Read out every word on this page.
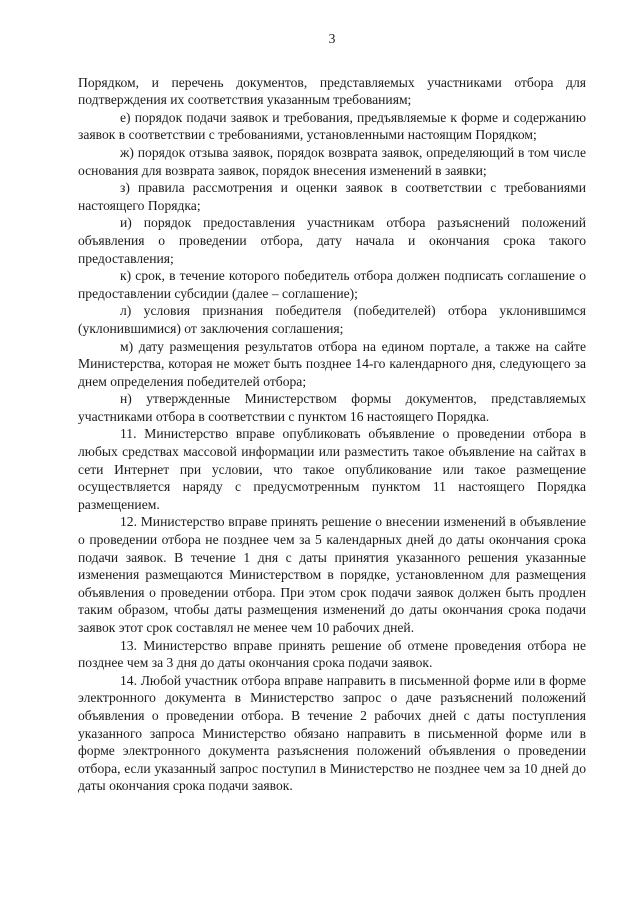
3

Порядком, и перечень документов, представляемых участниками отбора для подтверждения их соответствия указанным требованиям;

е) порядок подачи заявок и требования, предъявляемые к форме и содержанию заявок в соответствии с требованиями, установленными настоящим Порядком;

ж) порядок отзыва заявок, порядок возврата заявок, определяющий в том числе основания для возврата заявок, порядок внесения изменений в заявки;

з) правила рассмотрения и оценки заявок в соответствии с требованиями настоящего Порядка;

и) порядок предоставления участникам отбора разъяснений положений объявления о проведении отбора, дату начала и окончания срока такого предоставления;

к) срок, в течение которого победитель отбора должен подписать соглашение о предоставлении субсидии (далее – соглашение);

л) условия признания победителя (победителей) отбора уклонившимся (уклонившимися) от заключения соглашения;

м) дату размещения результатов отбора на едином портале, а также на сайте Министерства, которая не может быть позднее 14-го календарного дня, следующего за днем определения победителей отбора;

н) утвержденные Министерством формы документов, представляемых участниками отбора в соответствии с пунктом 16 настоящего Порядка.

11. Министерство вправе опубликовать объявление о проведении отбора в любых средствах массовой информации или разместить такое объявление на сайтах в сети Интернет при условии, что такое опубликование или такое размещение осуществляется наряду с предусмотренным пунктом 11 настоящего Порядка размещением.

12. Министерство вправе принять решение о внесении изменений в объявление о проведении отбора не позднее чем за 5 календарных дней до даты окончания срока подачи заявок. В течение 1 дня с даты принятия указанного решения указанные изменения размещаются Министерством в порядке, установленном для размещения объявления о проведении отбора. При этом срок подачи заявок должен быть продлен таким образом, чтобы даты размещения изменений до даты окончания срока подачи заявок этот срок составлял не менее чем 10 рабочих дней.

13. Министерство вправе принять решение об отмене проведения отбора не позднее чем за 3 дня до даты окончания срока подачи заявок.

14. Любой участник отбора вправе направить в письменной форме или в форме электронного документа в Министерство запрос о даче разъяснений положений объявления о проведении отбора. В течение 2 рабочих дней с даты поступления указанного запроса Министерство обязано направить в письменной форме или в форме электронного документа разъяснения положений объявления о проведении отбора, если указанный запрос поступил в Министерство не позднее чем за 10 дней до даты окончания срока подачи заявок.
